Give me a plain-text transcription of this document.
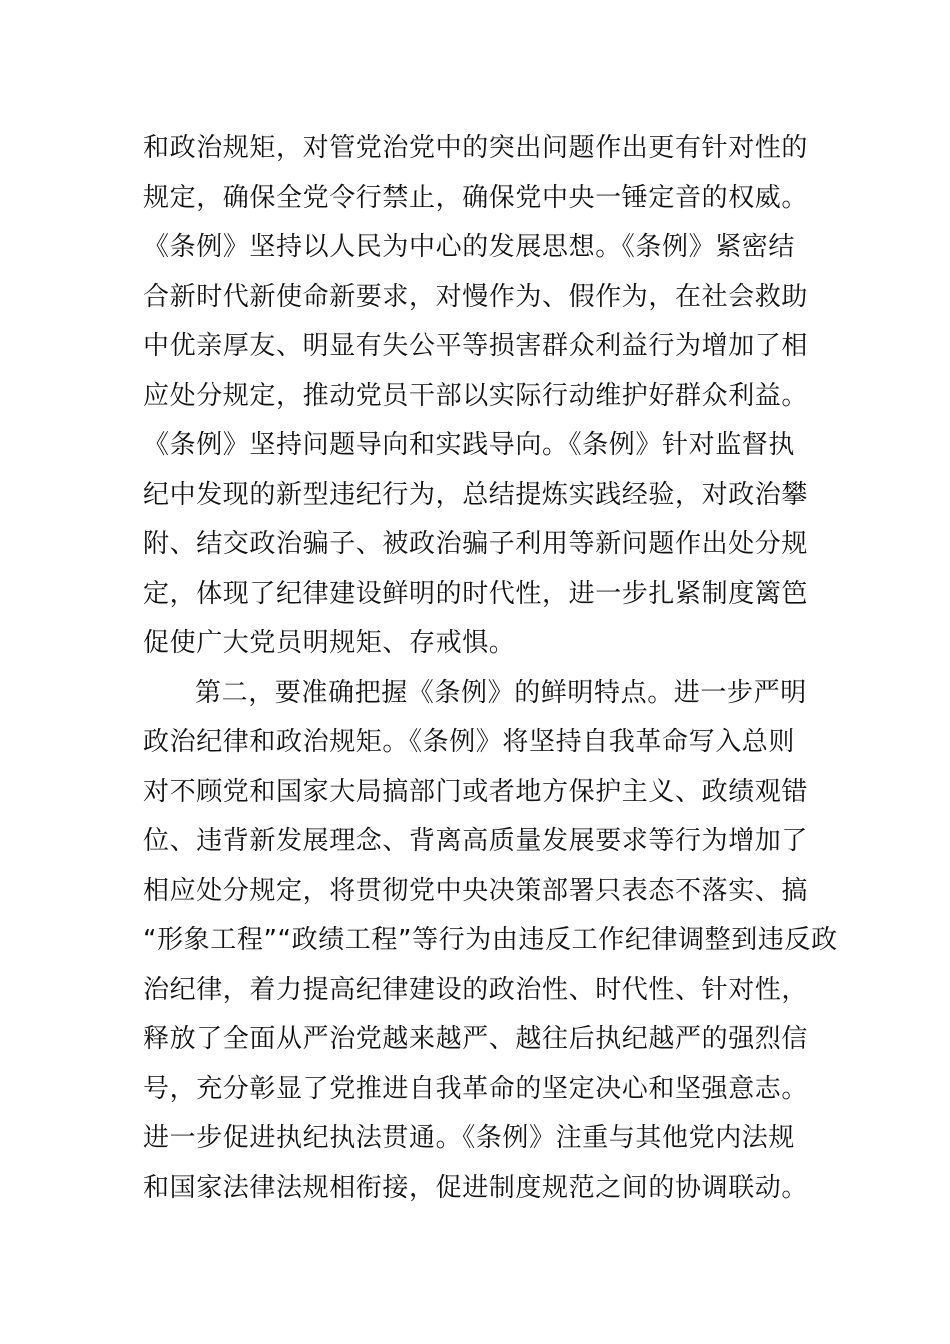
和政治规矩，对管党治党中的突出问题作出更有针对性的
规定，确保全党令行禁止，确保党中央一锤定音的权威。
《条例》坚持以人民为中心的发展思想。《条例》紧密结
合新时代新使命新要求，对慢作为、假作为，在社会救助
中优亲厚友、明显有失公平等损害群众利益行为增加了相
应处分规定，推动党员干部以实际行动维护好群众利益。
《条例》坚持问题导向和实践导向。《条例》针对监督执
纪中发现的新型违纪行为，总结提炼实践经验，对政治攀
附、结交政治骗子、被政治骗子利用等新问题作出处分规
定，体现了纪律建设鲜明的时代性，进一步扎紧制度篱笆
促使广大党员明规矩、存戒惧。
第二，要准确把握《条例》的鲜明特点。进一步严明
政治纪律和政治规矩。《条例》将坚持自我革命写入总则
对不顾党和国家大局搞部门或者地方保护主义、政绩观错
位、违背新发展理念、背离高质量发展要求等行为增加了
相应处分规定，将贯彻党中央决策部署只表态不落实、搞
“形象工程”“政绩工程”等行为由违反工作纪律调整到违反政
治纪律，着力提高纪律建设的政治性、时代性、针对性，
释放了全面从严治党越来越严、越往后执纪越严的强烈信
号，充分彰显了党推进自我革命的坚定决心和坚强意志。
进一步促进执纪执法贯通。《条例》注重与其他党内法规
和国家法律法规相衔接，促进制度规范之间的协调联动。
